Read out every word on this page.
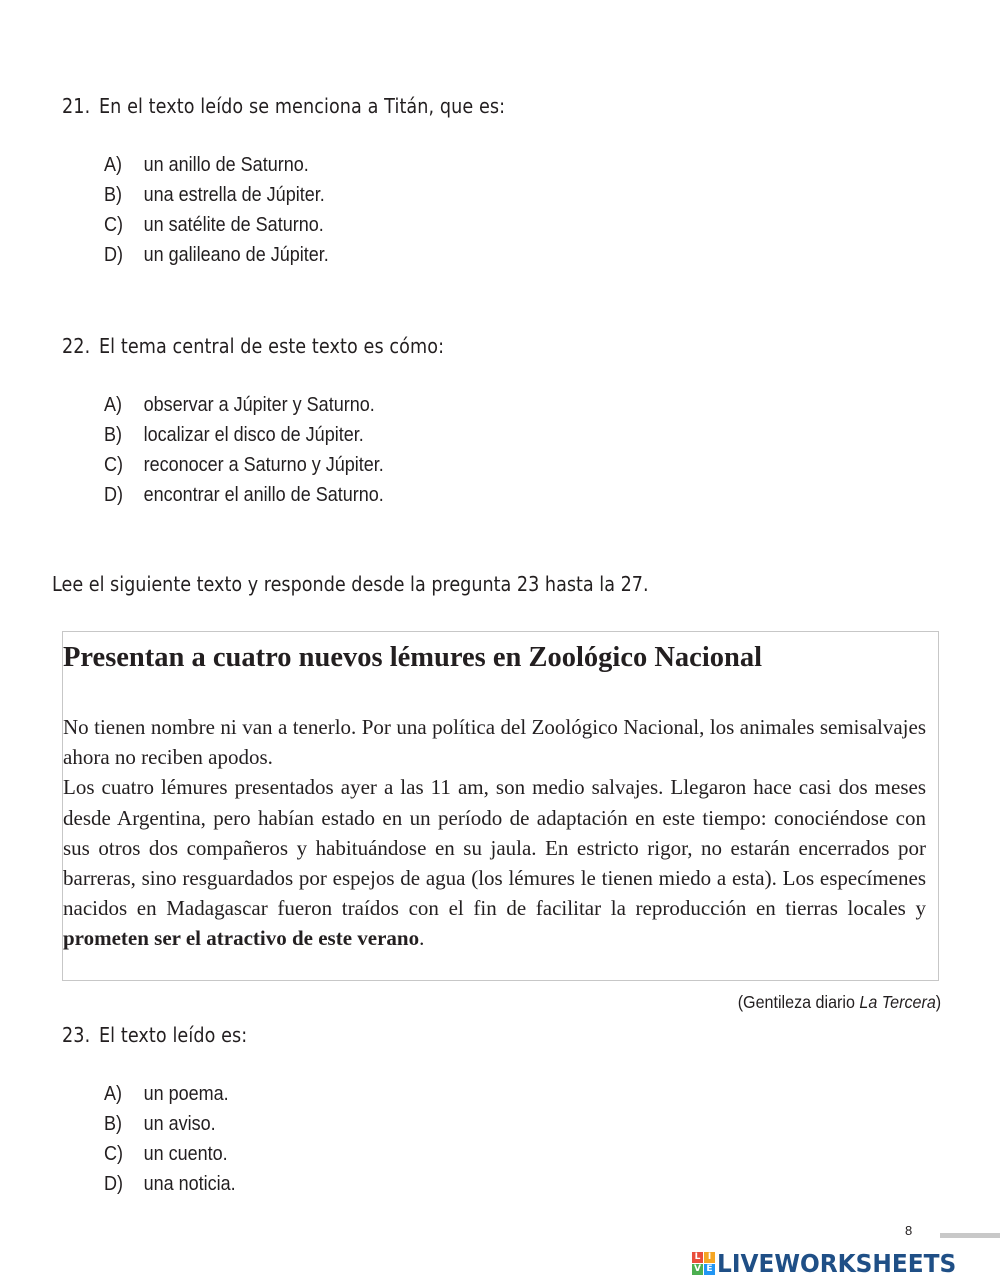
21. En el texto leído se menciona a Titán, que es:
A) un anillo de Saturno.
B) una estrella de Júpiter.
C) un satélite de Saturno.
D) un galileano de Júpiter.
22. El tema central de este texto es cómo:
A) observar a Júpiter y Saturno.
B) localizar el disco de Júpiter.
C) reconocer a Saturno y Júpiter.
D) encontrar el anillo de Saturno.
Lee el siguiente texto y responde desde la pregunta 23 hasta la 27.
Presentan a cuatro nuevos lémures en Zoológico Nacional

No tienen nombre ni van a tenerlo. Por una política del Zoológico Nacional, los animales semisalvajes ahora no reciben apodos.

Los cuatro lémures presentados ayer a las 11 am, son medio salvajes. Llegaron hace casi dos meses desde Argentina, pero habían estado en un período de adaptación en este tiempo: conociéndose con sus otros dos compañeros y habituándose en su jaula. En estricto rigor, no estarán encerrados por barreras, sino resguardados por espejos de agua (los lémures le tienen miedo a esta). Los especímenes nacidos en Madagascar fueron traídos con el fin de facilitar la reproducción en tierras locales y prometen ser el atractivo de este verano.

(Gentileza diario La Tercera)
23. El texto leído es:
A) un poema.
B) un aviso.
C) un cuento.
D) una noticia.
8
L I
V E LIVEWORKSHEETS
